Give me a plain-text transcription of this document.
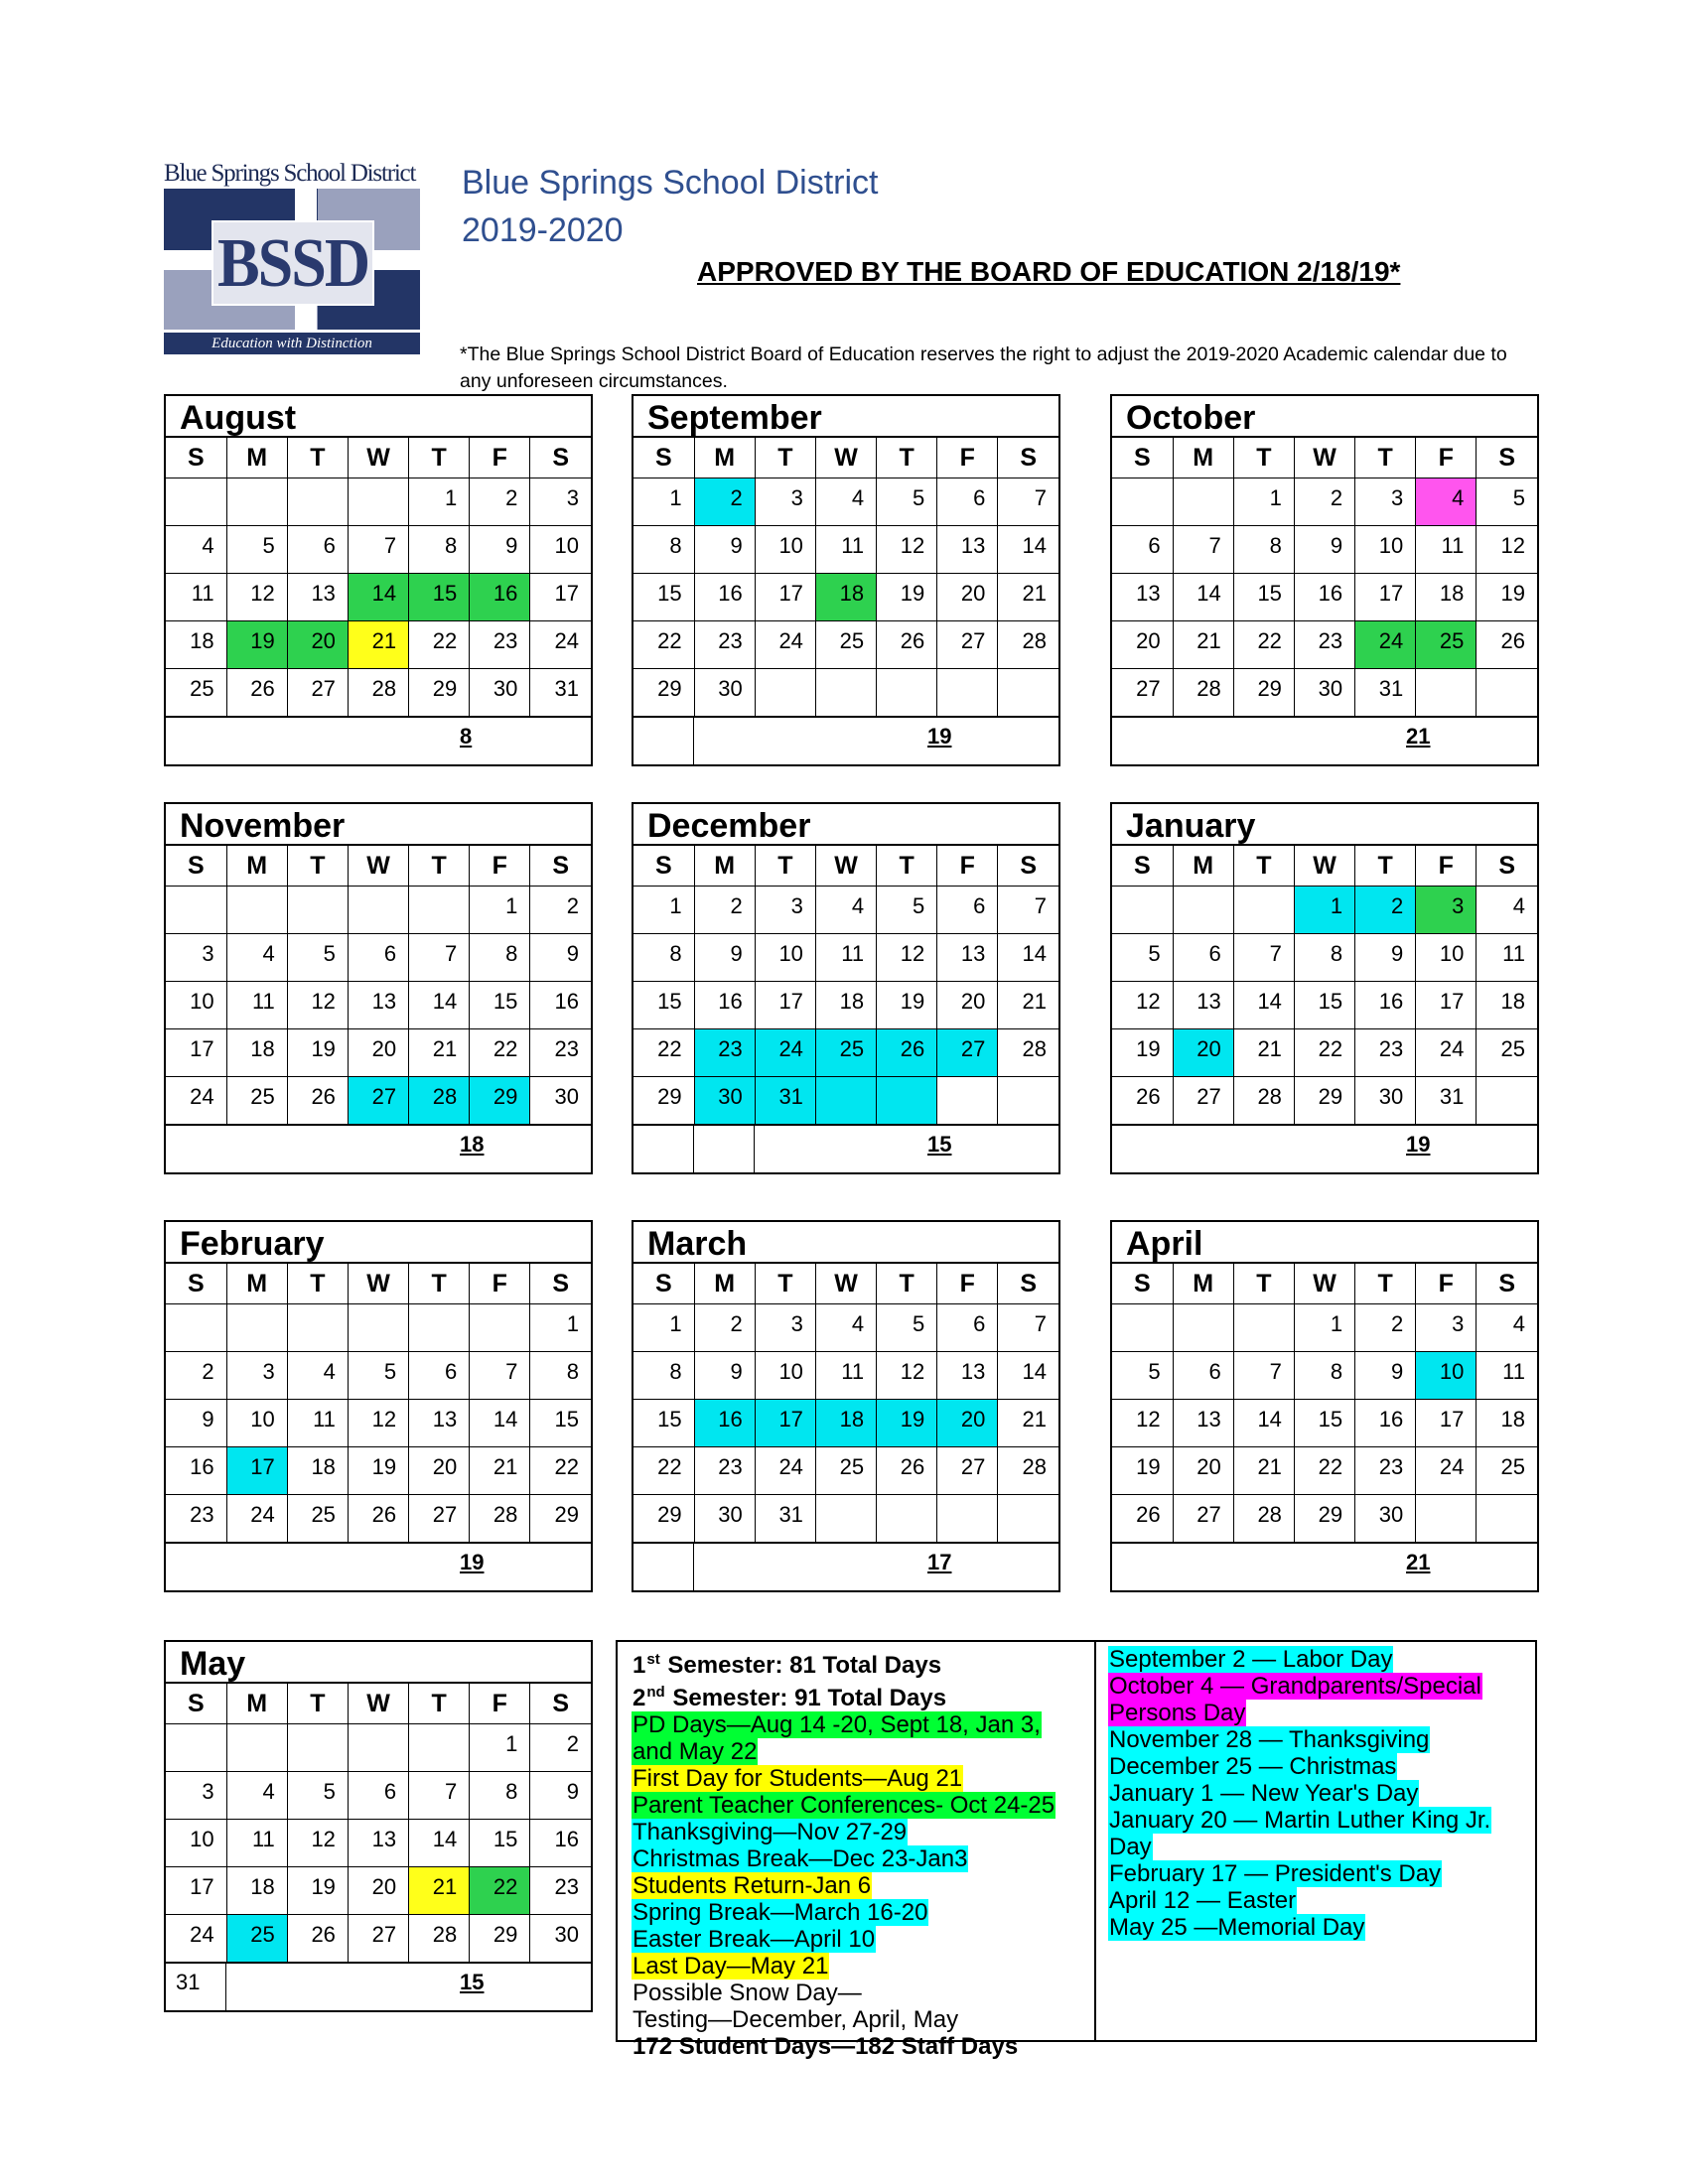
Blue Springs School District
BSSD
Education with Distinction
Blue Springs School District
2019-2020
APPROVED BY THE BOARD OF EDUCATION 2/18/19*
*The Blue Springs School District Board of Education reserves the right to adjust the 2019-2020 Academic calendar due to any unforeseen circumstances.
August
S	M	T	W	T	F	S
				1	2	3
4	5	6	7	8	9	10
11	12	13	14	15	16	17
18	19	20	21	22	23	24
25	26	27	28	29	30	31
8
September
S	M	T	W	T	F	S
1	2	3	4	5	6	7
8	9	10	11	12	13	14
15	16	17	18	19	20	21
22	23	24	25	26	27	28
29	30					
19
October
S	M	T	W	T	F	S
		1	2	3	4	5
6	7	8	9	10	11	12
13	14	15	16	17	18	19
20	21	22	23	24	25	26
27	28	29	30	31		
21
November
S	M	T	W	T	F	S
					1	2
3	4	5	6	7	8	9
10	11	12	13	14	15	16
17	18	19	20	21	22	23
24	25	26	27	28	29	30
18
December
S	M	T	W	T	F	S
1	2	3	4	5	6	7
8	9	10	11	12	13	14
15	16	17	18	19	20	21
22	23	24	25	26	27	28
29	30	31				
15
January
S	M	T	W	T	F	S
			1	2	3	4
5	6	7	8	9	10	11
12	13	14	15	16	17	18
19	20	21	22	23	24	25
26	27	28	29	30	31	
19
February
S	M	T	W	T	F	S
						1
2	3	4	5	6	7	8
9	10	11	12	13	14	15
16	17	18	19	20	21	22
23	24	25	26	27	28	29
19
March
S	M	T	W	T	F	S
1	2	3	4	5	6	7
8	9	10	11	12	13	14
15	16	17	18	19	20	21
22	23	24	25	26	27	28
29	30	31				
17
April
S	M	T	W	T	F	S
			1	2	3	4
5	6	7	8	9	10	11
12	13	14	15	16	17	18
19	20	21	22	23	24	25
26	27	28	29	30		
21
May
S	M	T	W	T	F	S
					1	2
3	4	5	6	7	8	9
10	11	12	13	14	15	16
17	18	19	20	21	22	23
24	25	26	27	28	29	30
31	15
1st Semester: 81 Total Days
2nd Semester: 91 Total Days
PD Days—Aug 14 -20, Sept 18, Jan 3,
and May 22
First Day for Students—Aug 21
Parent Teacher Conferences- Oct 24-25
Thanksgiving—Nov 27-29
Christmas Break—Dec 23-Jan3
Students Return-Jan 6
Spring Break—March 16-20
Easter Break—April 10
Last Day—May 21
Possible Snow Day—
Testing—December, April, May
172 Student Days—182 Staff Days
September 2 — Labor Day
October 4 — Grandparents/Special
Persons Day
November 28 — Thanksgiving
December 25 — Christmas
January 1 — New Year's Day
January 20 — Martin Luther King Jr.
Day
February 17 — President's Day
April 12 — Easter
May 25 —Memorial Day
